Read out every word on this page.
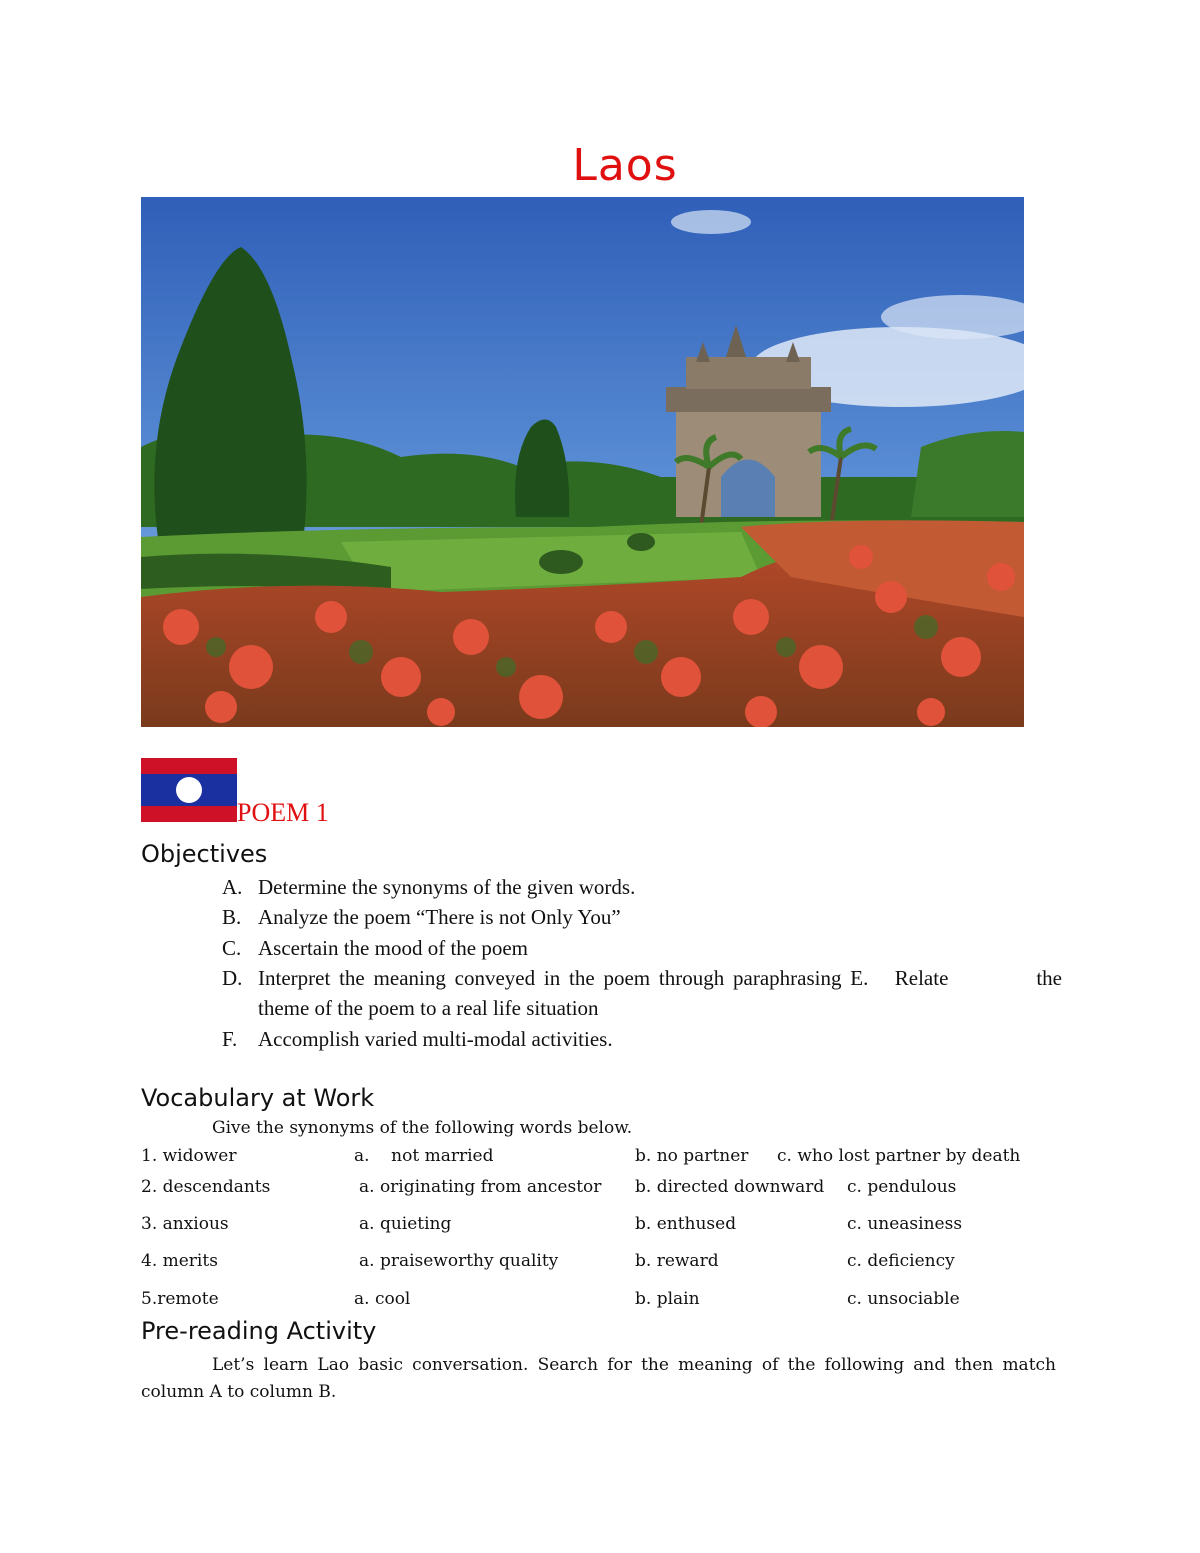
Laos
POEM 1
Objectives
A. Determine the synonyms of the given words.
B. Analyze the poem “There is not Only You”
C. Ascertain the mood of the poem
D. Interpret the meaning conveyed in the poem through paraphrasing E.   Relate          the
theme of the poem to a real life situation
F. Accomplish varied multi-modal activities.
Vocabulary at Work
Give the synonyms of the following words below.
1. widower	a.    not married	b. no partner c. who lost partner by death
2. descendants	a. originating from ancestor b. directed downward c. pendulous
3. anxious	a. quieting	b. enthused	c. uneasiness
4. merits	a. praiseworthy quality	b. reward	c. deficiency
5.remote	a. cool	b. plain	c. unsociable
Pre-reading Activity
Let’s learn Lao basic conversation. Search for the meaning of the following and then match column A to column B.
